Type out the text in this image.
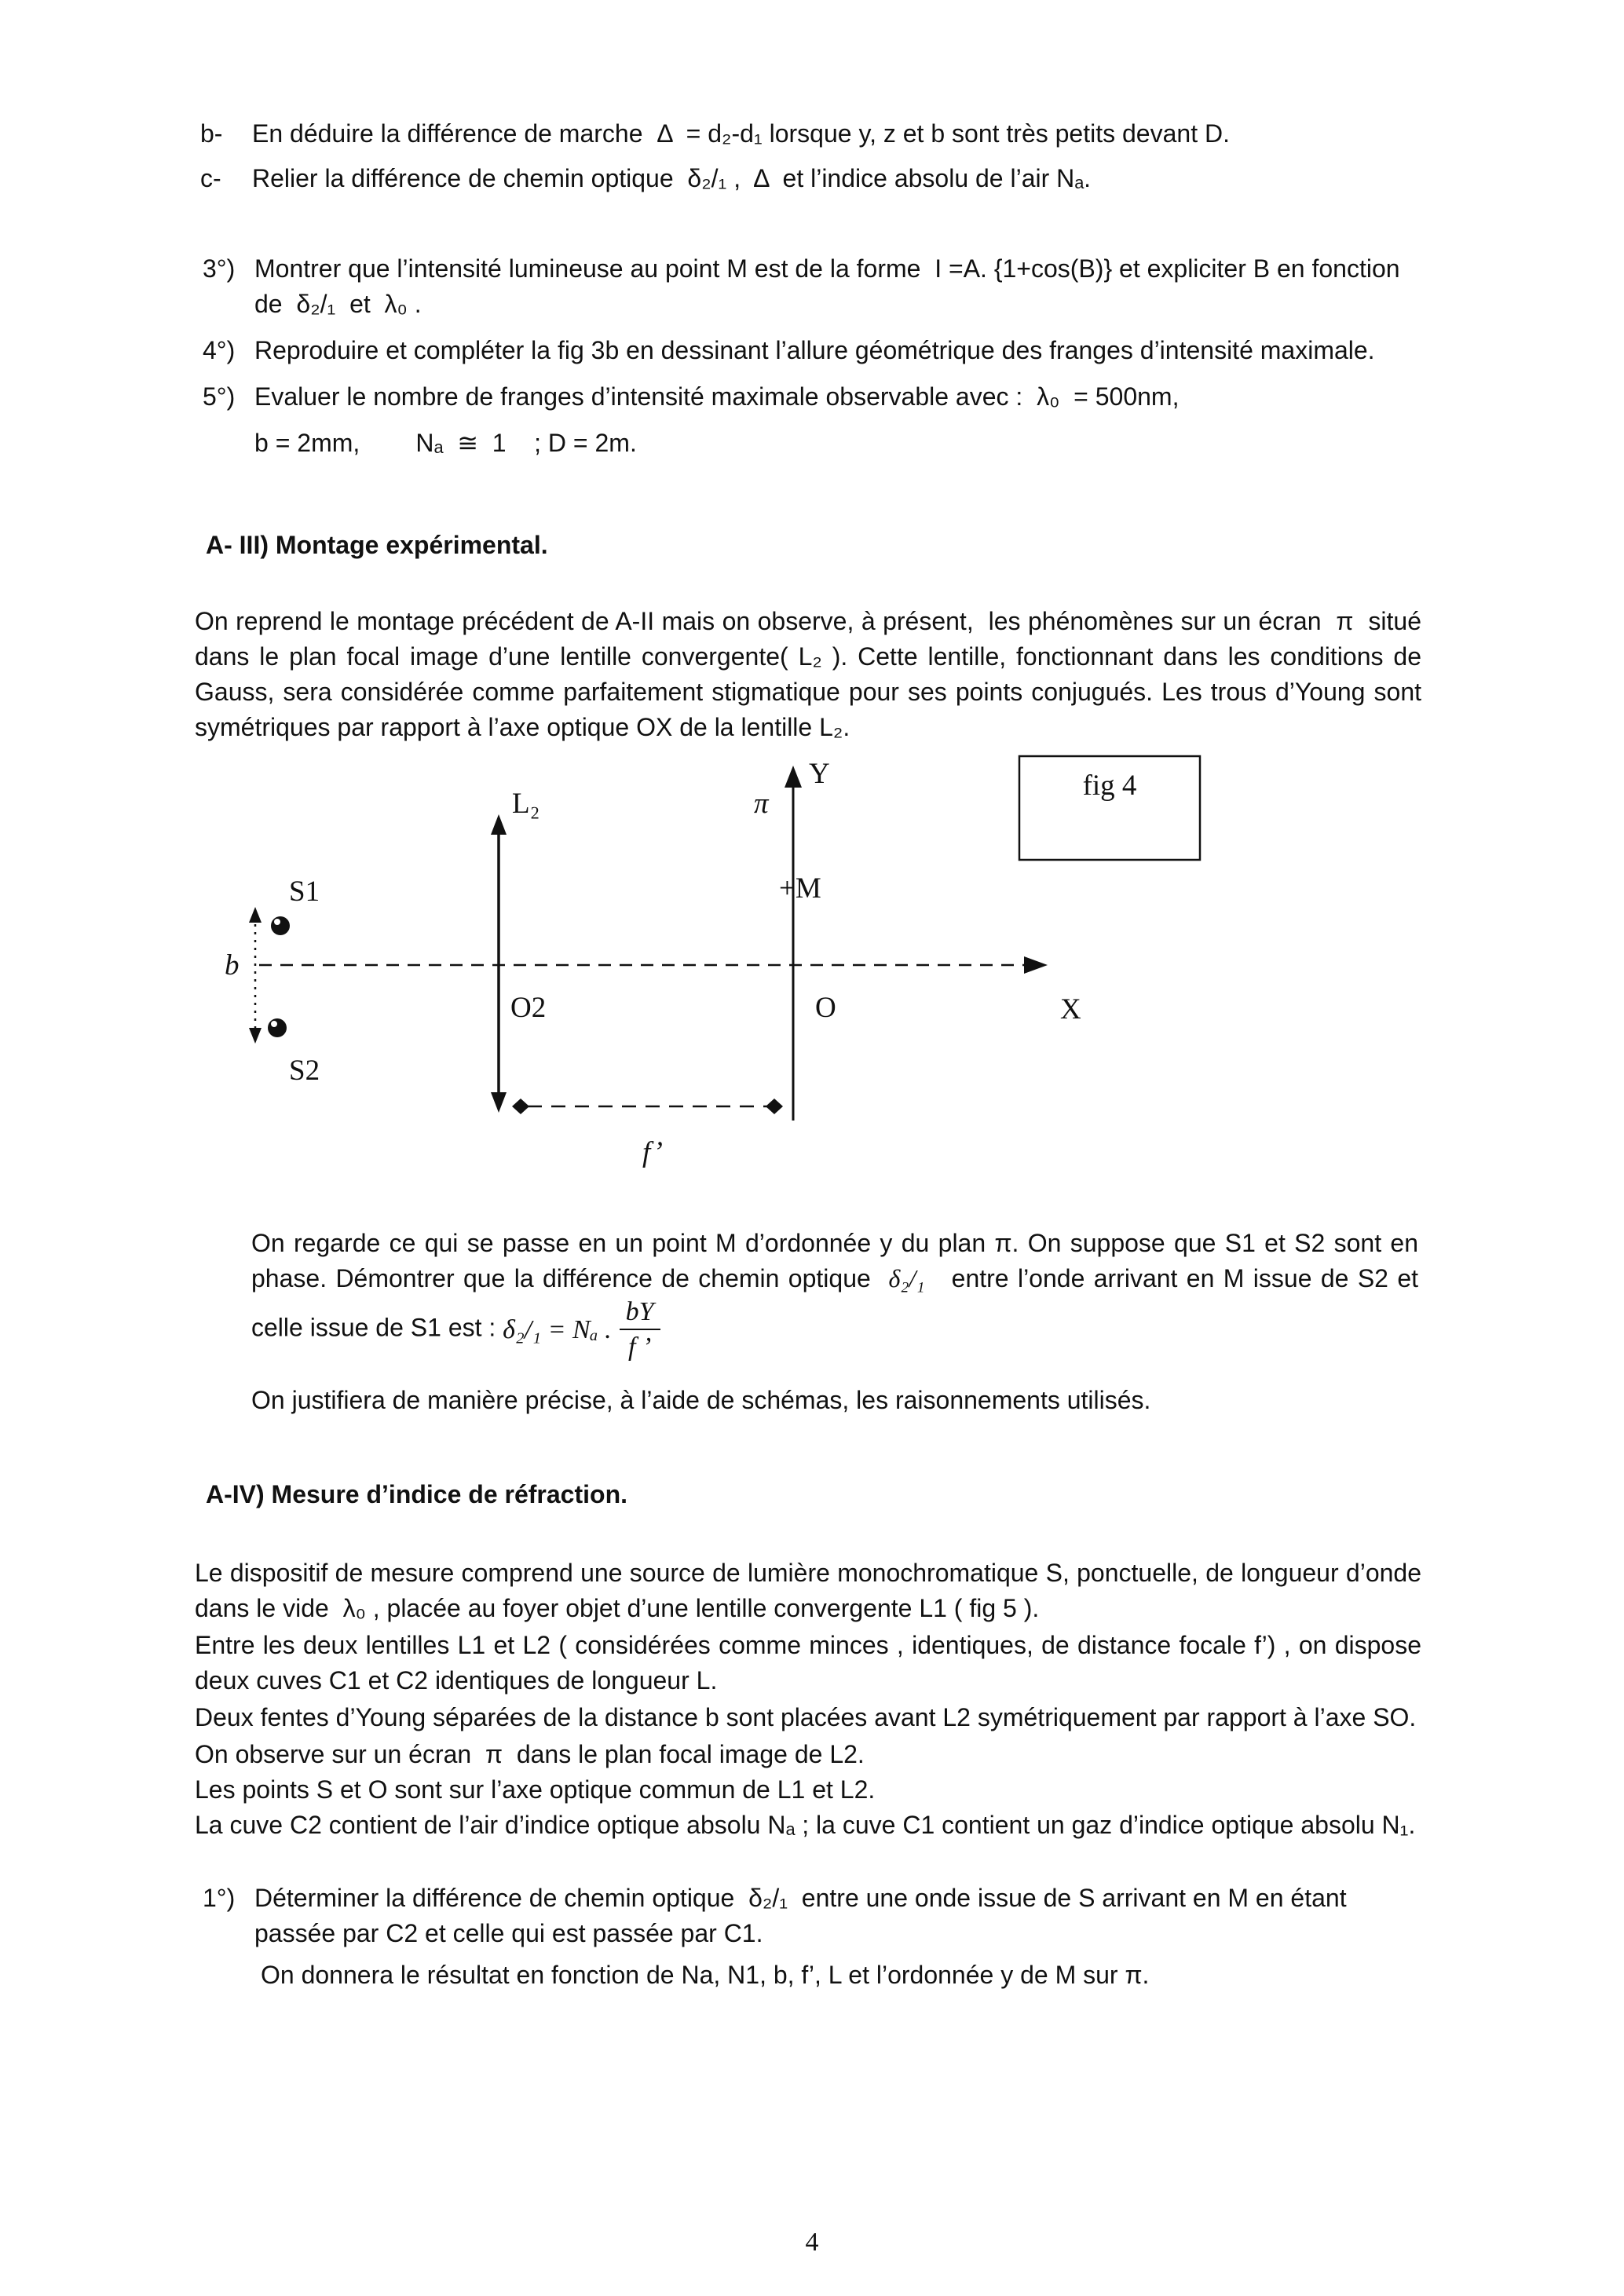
b-	En déduire la différence de marche  Δ  = d₂-d₁ lorsque y, z et b sont très petits devant D.
c-	Relier la différence de chemin optique  δ₂/₁ ,  Δ  et l’indice absolu de l’air Nₐ.
3°) Montrer que l’intensité lumineuse au point M est de la forme  I =A. {1+cos(B)} et expliciter B en fonction de  δ₂/₁  et  λ₀ .
4°) Reproduire et compléter la fig 3b en dessinant l’allure géométrique des franges d’intensité maximale.
5°) Evaluer le nombre de franges d’intensité maximale observable avec :  λ₀  = 500nm,
b = 2mm,        Nₐ  ≅  1    ; D = 2m.
A- III) Montage expérimental.

On reprend le montage précédent de A-II mais on observe, à présent,  les phénomènes sur un écran  π  situé dans le plan focal image d’une lentille convergente( L₂ ). Cette lentille, fonctionnant dans les conditions de Gauss, sera considérée comme parfaitement stigmatique pour ses points conjugués. Les trous d’Young sont symétriques par rapport à l’axe optique OX de la lentille L₂.

fig 4
Y
L₂	π
S1
b
S2
O2	O
+M
X
f’

On regarde ce qui se passe en un point M d’ordonnée y du plan π. On suppose que S1 et S2 sont en phase. Démontrer que la différence de chemin optique  δ₂/₁   entre l’onde arrivant en M issue de S2 et celle issue de S1 est : δ₂/₁ = Nₐ . $\frac{bY}{f ’}$

On justifiera de manière précise, à l’aide de schémas, les raisonnements utilisés.

A-IV) Mesure d’indice de réfraction.

Le dispositif de mesure comprend une source de lumière monochromatique S, ponctuelle, de longueur d’onde dans le vide  λ₀ , placée au foyer objet d’une lentille convergente L1 ( fig 5 ).

Entre les deux lentilles L1 et L2 ( considérées comme minces , identiques, de distance focale f’) , on dispose deux cuves C1 et C2 identiques de longueur L.

Deux fentes d’Young séparées de la distance b sont placées avant L2 symétriquement par rapport à l’axe SO.

On observe sur un écran  π  dans le plan focal image de L2.

Les points S et O sont sur l’axe optique commun de L1 et L2.

La cuve C2 contient de l’air d’indice optique absolu Nₐ ; la cuve C1 contient un gaz d’indice optique absolu N₁.

1°) Déterminer la différence de chemin optique  δ₂/₁  entre une onde issue de S arrivant en M en étant passée par C2 et celle qui est passée par C1.
On donnera le résultat en fonction de Na, N1, b, f’, L et l’ordonnée y de M sur π.
4
